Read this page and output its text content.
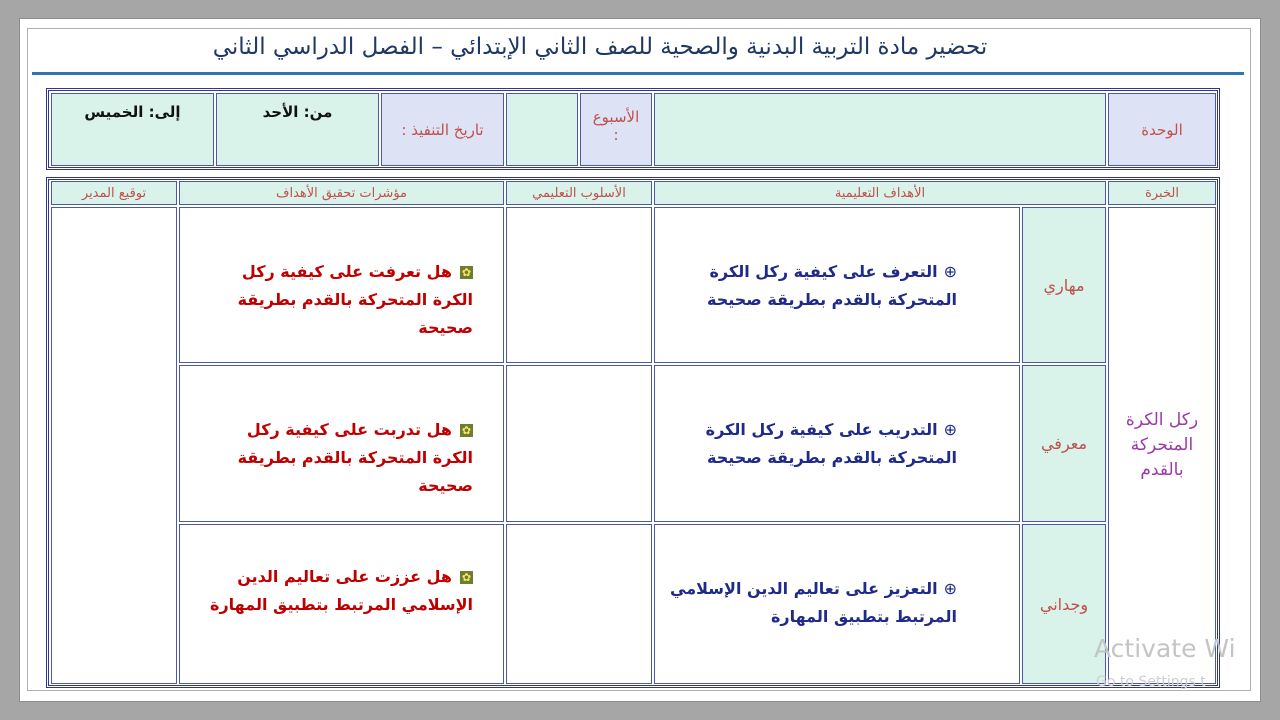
تحضير مادة التربية البدنية والصحية للصف الثاني الإبتدائي – الفصل الدراسي الثاني
الوحدة
الأسبوع
:
تاريخ التنفيذ :
من: الأحد
إلى: الخميس
الخبرة
الأهداف التعليمية
الأسلوب التعليمي
مؤشرات تحقيق الأهداف
توقيع المدير
ركل الكرة المتحركة بالقدم
مهاري
معرفي
وجداني
⊕التعرف على كيفية ركل الكرة المتحركة بالقدم بطريقة صحيحة
⊕التدريب على كيفية ركل الكرة المتحركة بالقدم بطريقة صحيحة
⊕التعزيز على تعاليم الدين الإسلامي المرتبط بتطبيق المهارة
✿هل تعرفت على كيفية ركل الكرة المتحركة بالقدم بطريقة صحيحة
✿هل تدربت على كيفية ركل الكرة المتحركة بالقدم بطريقة صحيحة
✿هل عززت على تعاليم الدين الإسلامي المرتبط بتطبيق المهارة
Activate Wi
Go to Settings t
